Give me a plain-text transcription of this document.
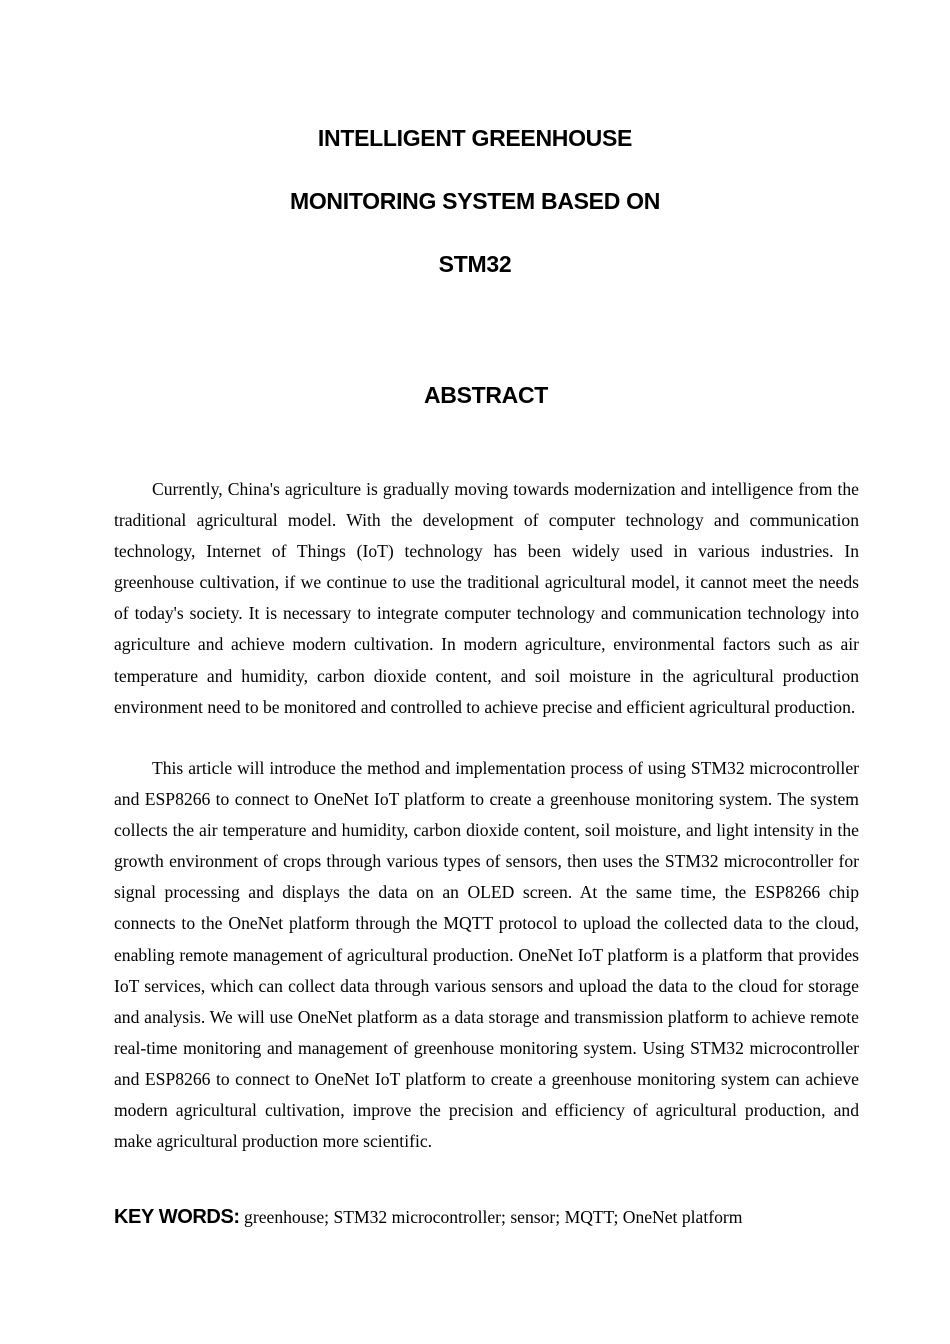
INTELLIGENT GREENHOUSE
MONITORING SYSTEM BASED ON
STM32
ABSTRACT

Currently, China's agriculture is gradually moving towards modernization and intelligence from the traditional agricultural model. With the development of computer technology and communication technology, Internet of Things (IoT) technology has been widely used in various industries. In greenhouse cultivation, if we continue to use the traditional agricultural model, it cannot meet the needs of today's society. It is necessary to integrate computer technology and communication technology into agriculture and achieve modern cultivation. In modern agriculture, environmental factors such as air temperature and humidity, carbon dioxide content, and soil moisture in the agricultural production environment need to be monitored and controlled to achieve precise and efficient agricultural production.

This article will introduce the method and implementation process of using STM32 microcontroller and ESP8266 to connect to OneNet IoT platform to create a greenhouse monitoring system. The system collects the air temperature and humidity, carbon dioxide content, soil moisture, and light intensity in the growth environment of crops through various types of sensors, then uses the STM32 microcontroller for signal processing and displays the data on an OLED screen. At the same time, the ESP8266 chip connects to the OneNet platform through the MQTT protocol to upload the collected data to the cloud, enabling remote management of agricultural production. OneNet IoT platform is a platform that provides IoT services, which can collect data through various sensors and upload the data to the cloud for storage and analysis. We will use OneNet platform as a data storage and transmission platform to achieve remote real-time monitoring and management of greenhouse monitoring system. Using STM32 microcontroller and ESP8266 to connect to OneNet IoT platform to create a greenhouse monitoring system can achieve modern agricultural cultivation, improve the precision and efficiency of agricultural production, and make agricultural production more scientific.

KEY WORDS: greenhouse; STM32 microcontroller; sensor; MQTT; OneNet platform
